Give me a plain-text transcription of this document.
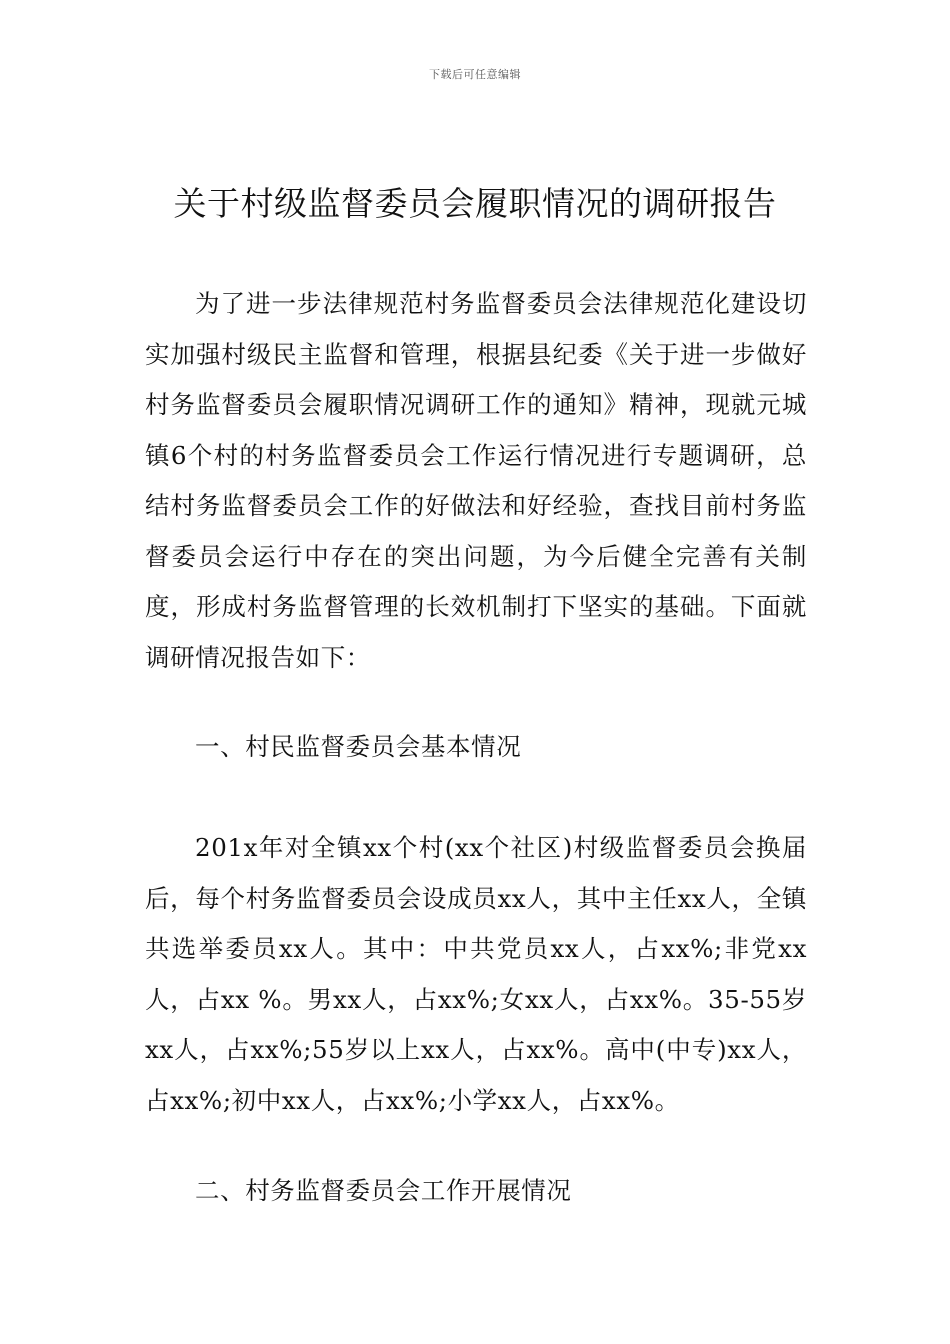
下载后可任意编辑
关于村级监督委员会履职情况的调研报告

为了进一步法律规范村务监督委员会法律规范化建设切实加强村级民主监督和管理，根据县纪委《关于进一步做好村务监督委员会履职情况调研工作的通知》精神，现就元城镇6个村的村务监督委员会工作运行情况进行专题调研，总结村务监督委员会工作的好做法和好经验，查找目前村务监督委员会运行中存在的突出问题，为今后健全完善有关制度，形成村务监督管理的长效机制打下坚实的基础。下面就调研情况报告如下：

一、村民监督委员会基本情况

201x年对全镇xx个村(xx个社区)村级监督委员会换届后，每个村务监督委员会设成员xx人，其中主任xx人，全镇共选举委员xx人。其中：中共党员xx人，占xx%;非党xx人，占xx %。男xx人，占xx%;女xx人，占xx%。35-55岁xx人，占xx%;55岁以上xx人，占xx%。高中(中专)xx人，占xx%;初中xx人，占xx%;小学xx人，占xx%。

二、村务监督委员会工作开展情况
